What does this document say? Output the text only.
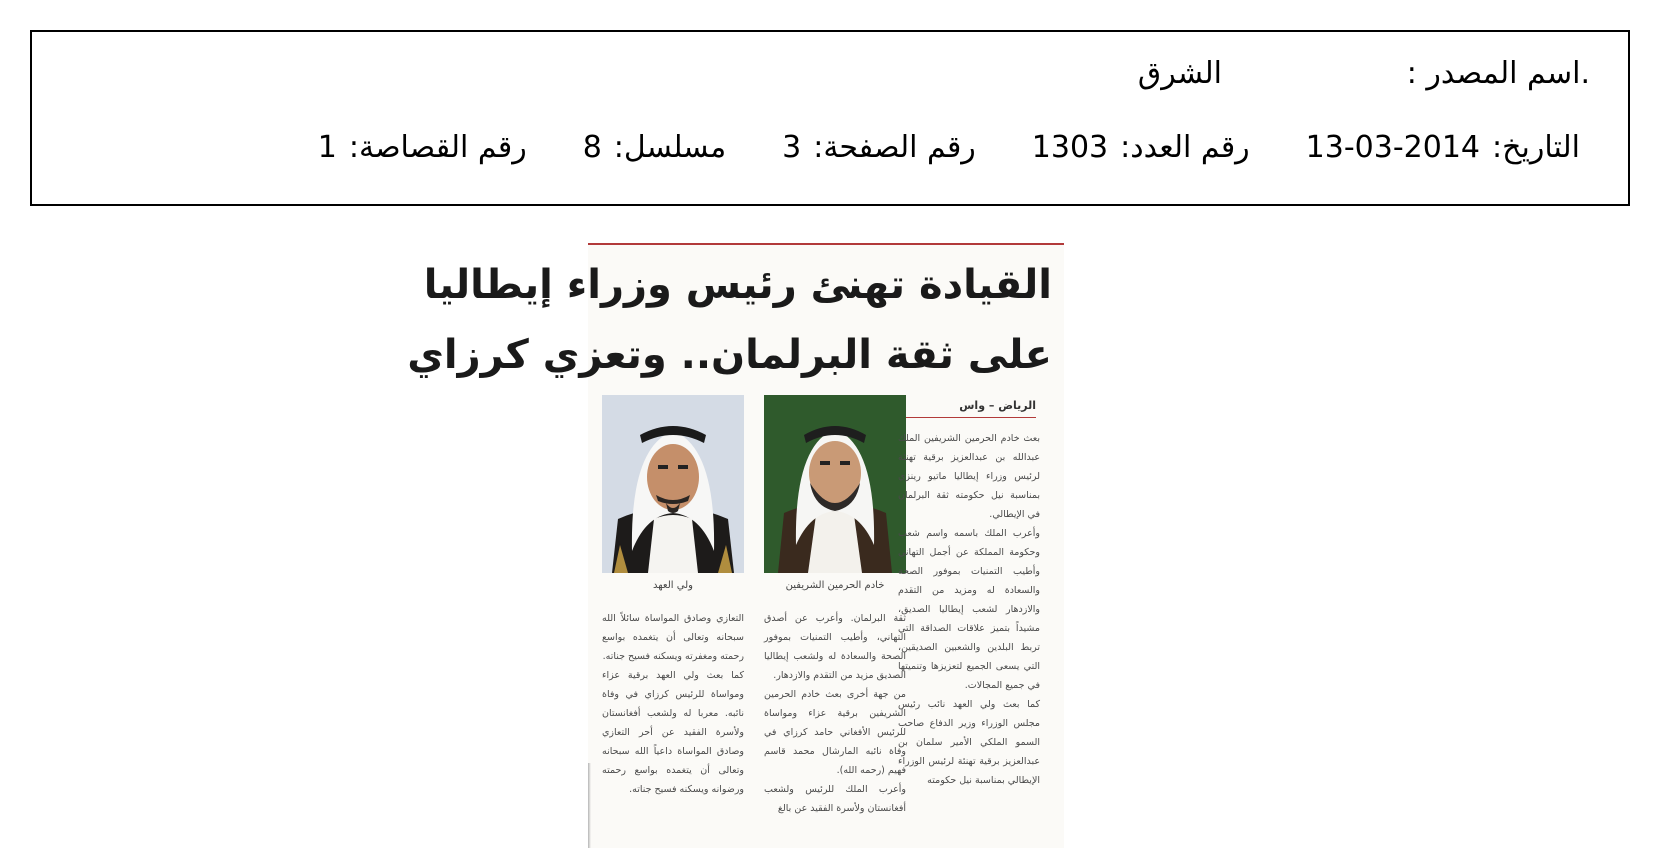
.اسم المصدر :
الشرق
التاريخ:
13-03-2014
رقم العدد:
1303
رقم الصفحة:
3
مسلسل:
8
رقم القصاصة:
1
القيادة تهنئ رئيس وزراء إيطاليا
على ثقة البرلمان.. وتعزي كرزاي
الرياض – واس
خادم الحرمين الشريفين
ولي العهد

بعث خادم الحرمين الشريفين الملك عبدالله بن عبدالعزيز برقية تهنئة لرئيس وزراء إيطاليا ماتيو رينزي بمناسبة نيل حكومته ثقة البرلمان في الإيطالي.

وأعرب الملك باسمه واسم شعب وحكومة المملكة عن أجمل التهاني وأطيب التمنيات بموفور الصحة والسعادة له ومزيد من التقدم والازدهار لشعب إيطاليا الصديق، مشيداً بتميز علاقات الصداقة التي تربط البلدين والشعبين الصديقين، التي يسعى الجميع لتعزيزها وتنميتها في جميع المجالات.

كما بعث ولي العهد نائب رئيس مجلس الوزراء وزير الدفاع صاحب السمو الملكي الأمير سلمان بن عبدالعزيز برقية تهنئة لرئيس الوزراء الإيطالي بمناسبة نيل حكومته

ثقة البرلمان. وأعرب عن أصدق التهاني، وأطيب التمنيات بموفور الصحة والسعادة له ولشعب إيطاليا الصديق مزيد من التقدم والازدهار.

من جهة أخرى بعث خادم الحرمين الشريفين برقية عزاء ومواساة للرئيس الأفغاني حامد كرزاي في وفاة نائبه المارشال محمد قاسم فهيم (رحمه الله).

وأعرب الملك للرئيس ولشعب أفغانستان ولأسرة الفقيد عن بالغ

التعازي وصادق المواساة سائلاً الله سبحانه وتعالى أن يتغمده بواسع رحمته ومغفرته ويسكنه فسيح جناته.

كما بعث ولي العهد برقية عزاء ومواساة للرئيس كرزاي في وفاة نائبه. معربا له ولشعب أفغانستان ولأسرة الفقيد عن أحر التعازي وصادق المواساة داعياً الله سبحانه وتعالى أن يتغمده بواسع رحمته ورضوانه ويسكنه فسيح جناته.
